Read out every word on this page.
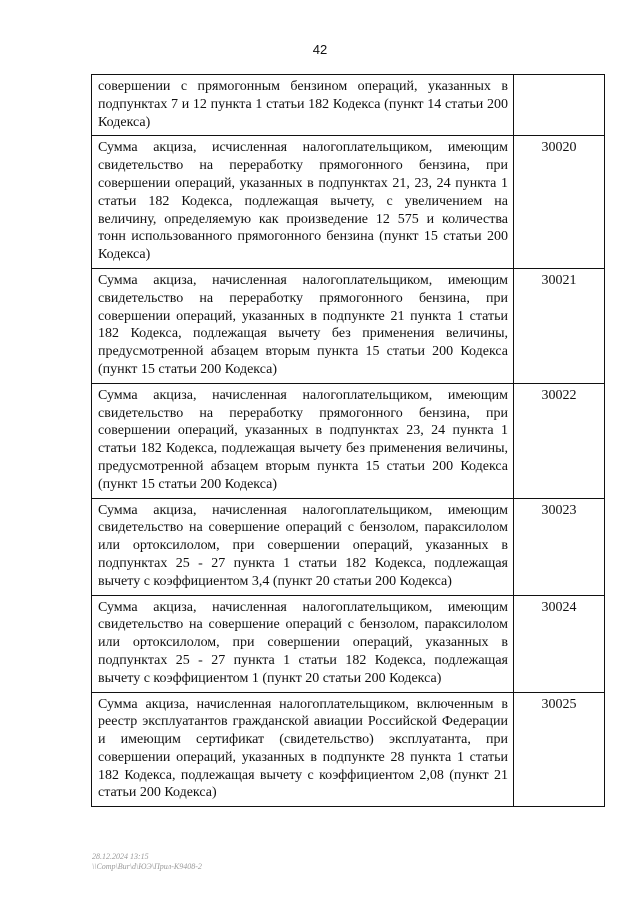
42
совершении с прямогонным бензином операций, указанных в подпунктах 7 и 12 пункта 1 статьи 182 Кодекса (пункт 14 статьи 200 Кодекса)	
Сумма акциза, исчисленная налогоплательщиком, имеющим свидетельство на переработку прямогонного бензина, при совершении операций, указанных в подпунктах 21, 23, 24 пункта 1 статьи 182 Кодекса, подлежащая вычету, с увеличением на величину, определяемую как произведение 12 575 и количества тонн использованного прямогонного бензина (пункт 15 статьи 200 Кодекса)	30020
Сумма акциза, начисленная налогоплательщиком, имеющим свидетельство на переработку прямогонного бензина, при совершении операций, указанных в подпункте 21 пункта 1 статьи 182 Кодекса, подлежащая вычету без применения величины, предусмотренной абзацем вторым пункта 15 статьи 200 Кодекса (пункт 15 статьи 200 Кодекса)	30021
Сумма акциза, начисленная налогоплательщиком, имеющим свидетельство на переработку прямогонного бензина, при совершении операций, указанных в подпунктах 23, 24 пункта 1 статьи 182 Кодекса, подлежащая вычету без применения величины, предусмотренной абзацем вторым пункта 15 статьи 200 Кодекса (пункт 15 статьи 200 Кодекса)	30022
Сумма акциза, начисленная налогоплательщиком, имеющим свидетельство на совершение операций с бензолом, параксилолом или ортоксилолом, при совершении операций, указанных в подпунктах 25 - 27 пункта 1 статьи 182 Кодекса, подлежащая вычету с коэффициентом 3,4 (пункт 20 статьи 200 Кодекса)	30023
Сумма акциза, начисленная налогоплательщиком, имеющим свидетельство на совершение операций с бензолом, параксилолом или ортоксилолом, при совершении операций, указанных в подпунктах 25 - 27 пункта 1 статьи 182 Кодекса, подлежащая вычету с коэффициентом 1 (пункт 20 статьи 200 Кодекса)	30024
Сумма акциза, начисленная налогоплательщиком, включенным в реестр эксплуатантов гражданской авиации Российской Федерации и имеющим сертификат (свидетельство) эксплуатанта, при совершении операций, указанных в подпункте 28 пункта 1 статьи 182 Кодекса, подлежащая вычету с коэффициентом 2,08 (пункт 21 статьи 200 Кодекса)	30025
28.12.2024 13:15
\\Comp\Bur\d\ЮЭ\Прил-К9408-2
